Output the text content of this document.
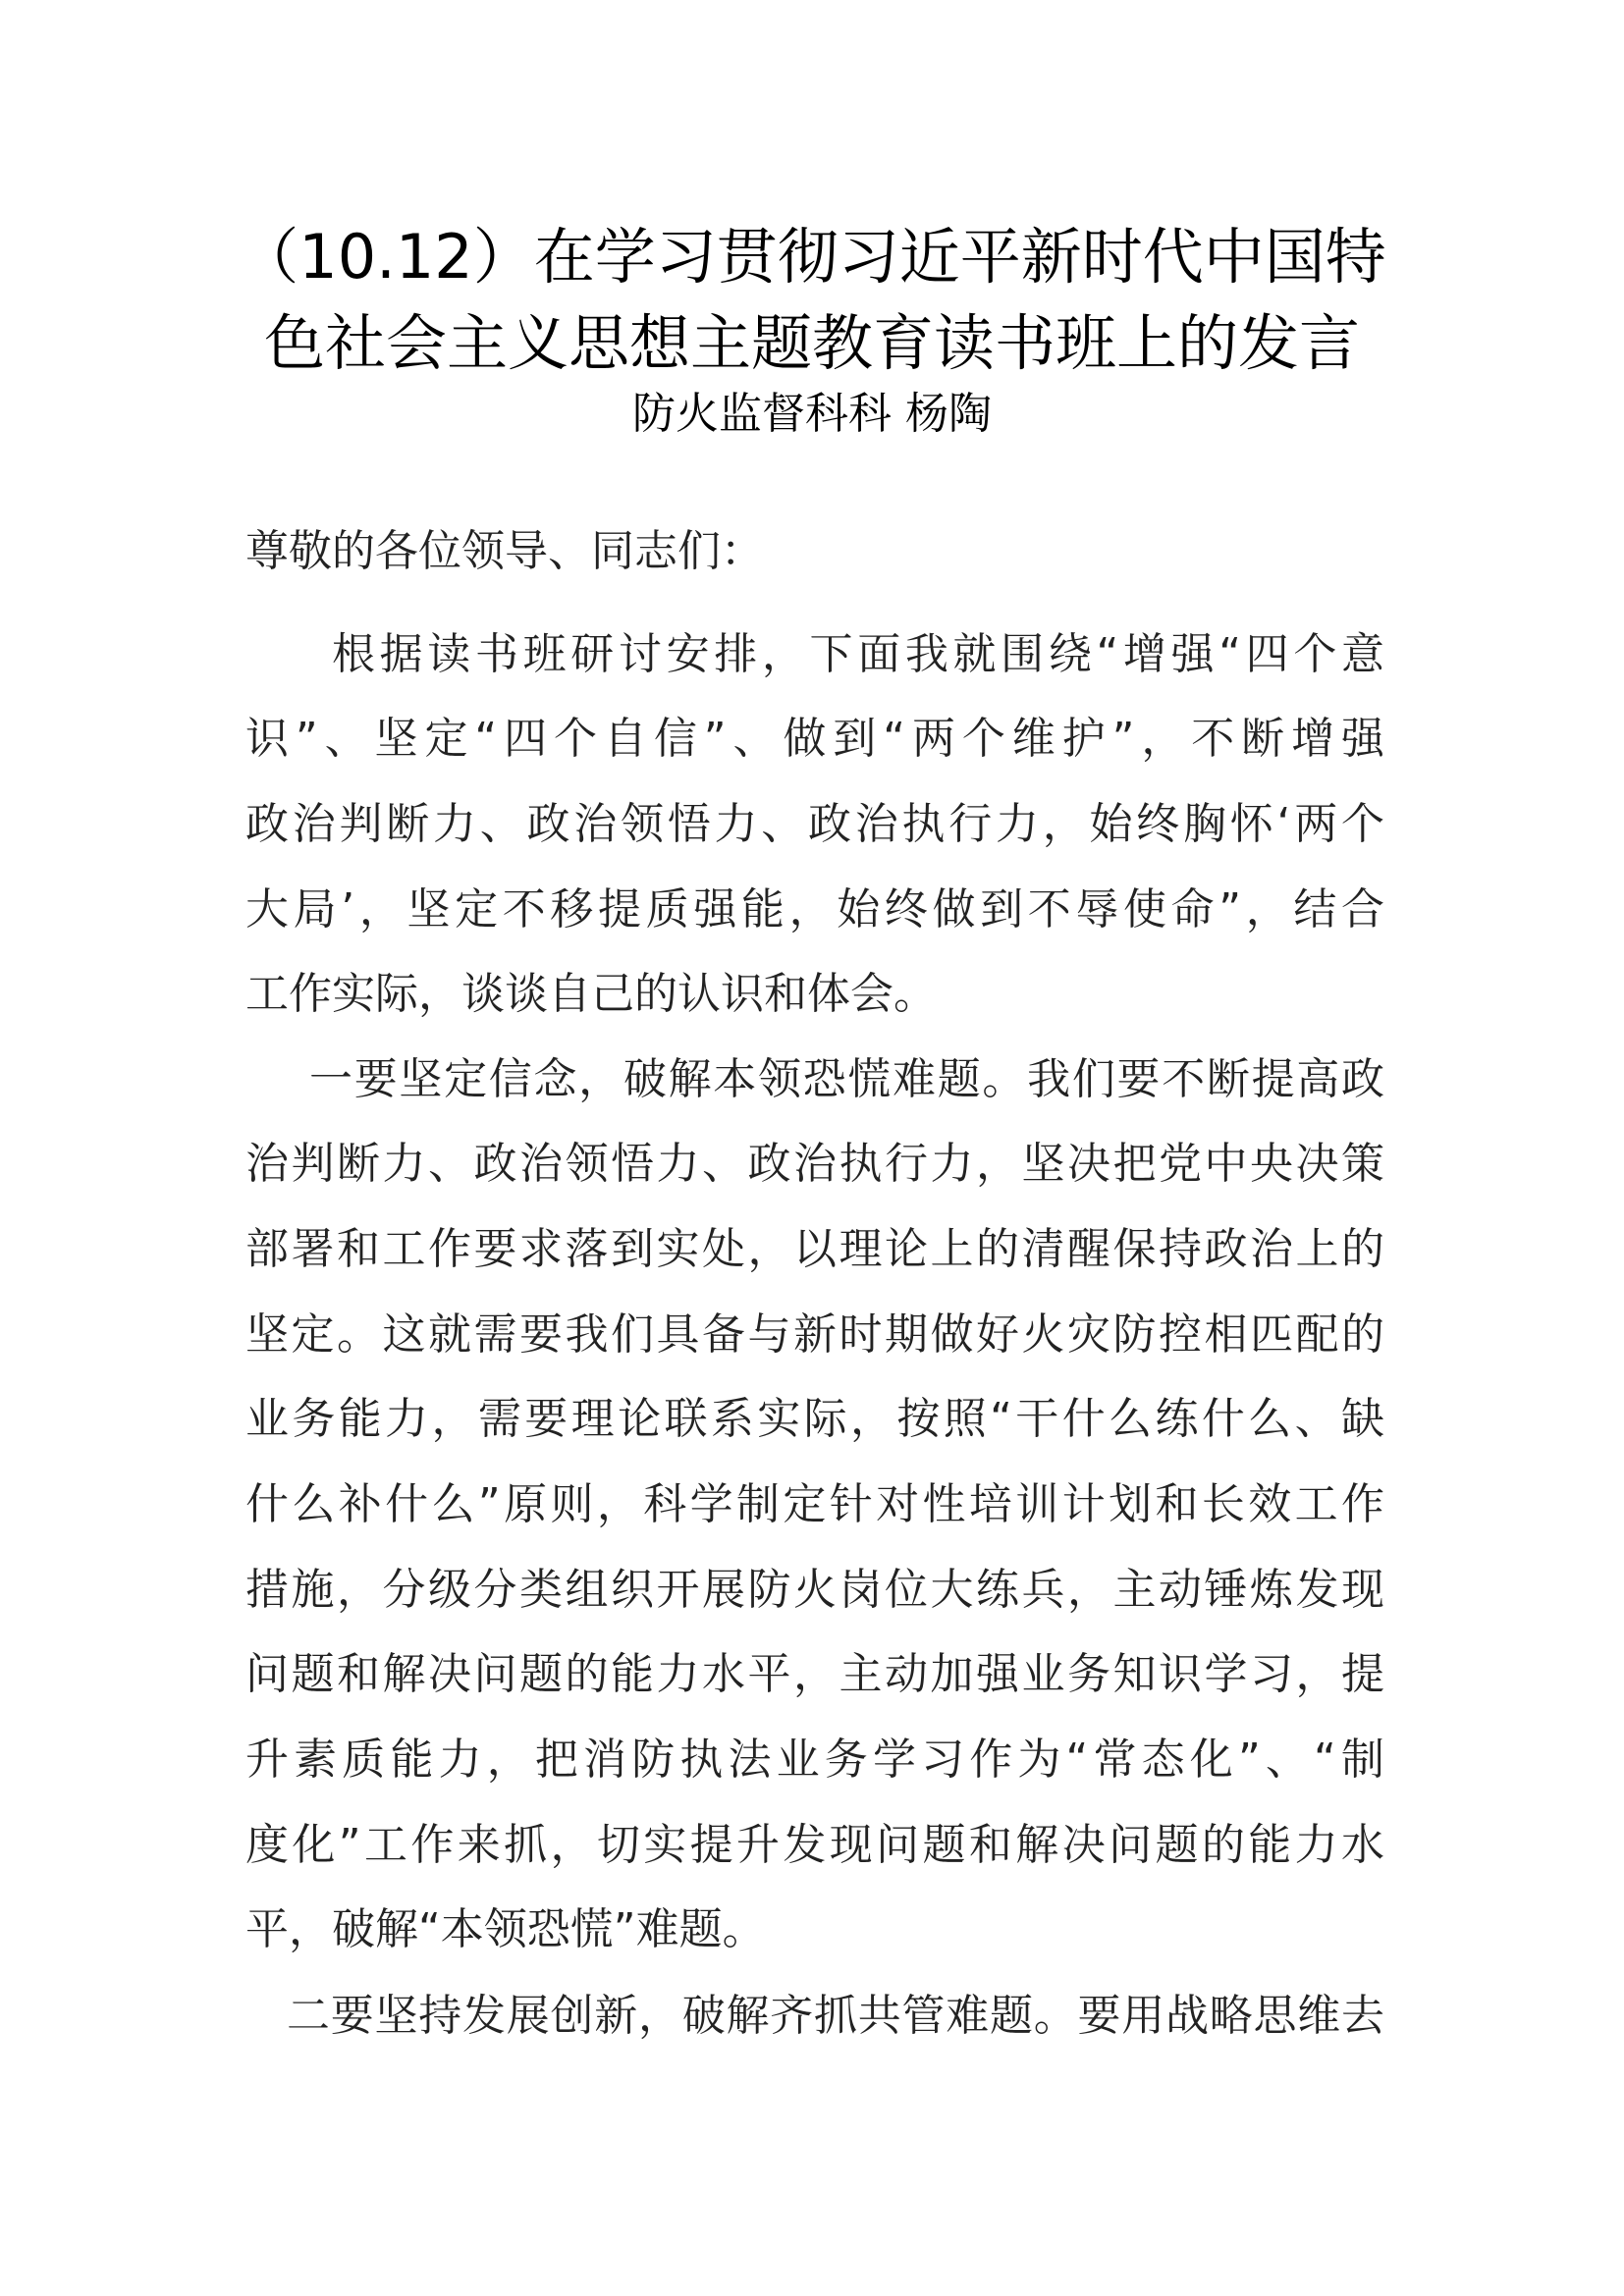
（10.12）在学习贯彻习近平新时代中国特
色社会主义思想主题教育读书班上的发言
防火监督科科 杨陶
尊敬的各位领导、同志们：
根据读书班研讨安排，下面我就围绕“增强“四个意
识”、坚定“四个自信”、做到“两个维护”，不断增强
政治判断力、政治领悟力、政治执行力，始终胸怀‘两个
大局’，坚定不移提质强能，始终做到不辱使命”，结合
工作实际，谈谈自己的认识和体会。
一要坚定信念，破解本领恐慌难题。我们要不断提高政
治判断力、政治领悟力、政治执行力，坚决把党中央决策
部署和工作要求落到实处，以理论上的清醒保持政治上的
坚定。这就需要我们具备与新时期做好火灾防控相匹配的
业务能力，需要理论联系实际，按照“干什么练什么、缺
什么补什么”原则，科学制定针对性培训计划和长效工作
措施，分级分类组织开展防火岗位大练兵，主动锤炼发现
问题和解决问题的能力水平，主动加强业务知识学习，提
升素质能力，把消防执法业务学习作为“常态化”、“制
度化”工作来抓，切实提升发现问题和解决问题的能力水
平，破解“本领恐慌”难题。
二要坚持发展创新，破解齐抓共管难题。要用战略思维去
